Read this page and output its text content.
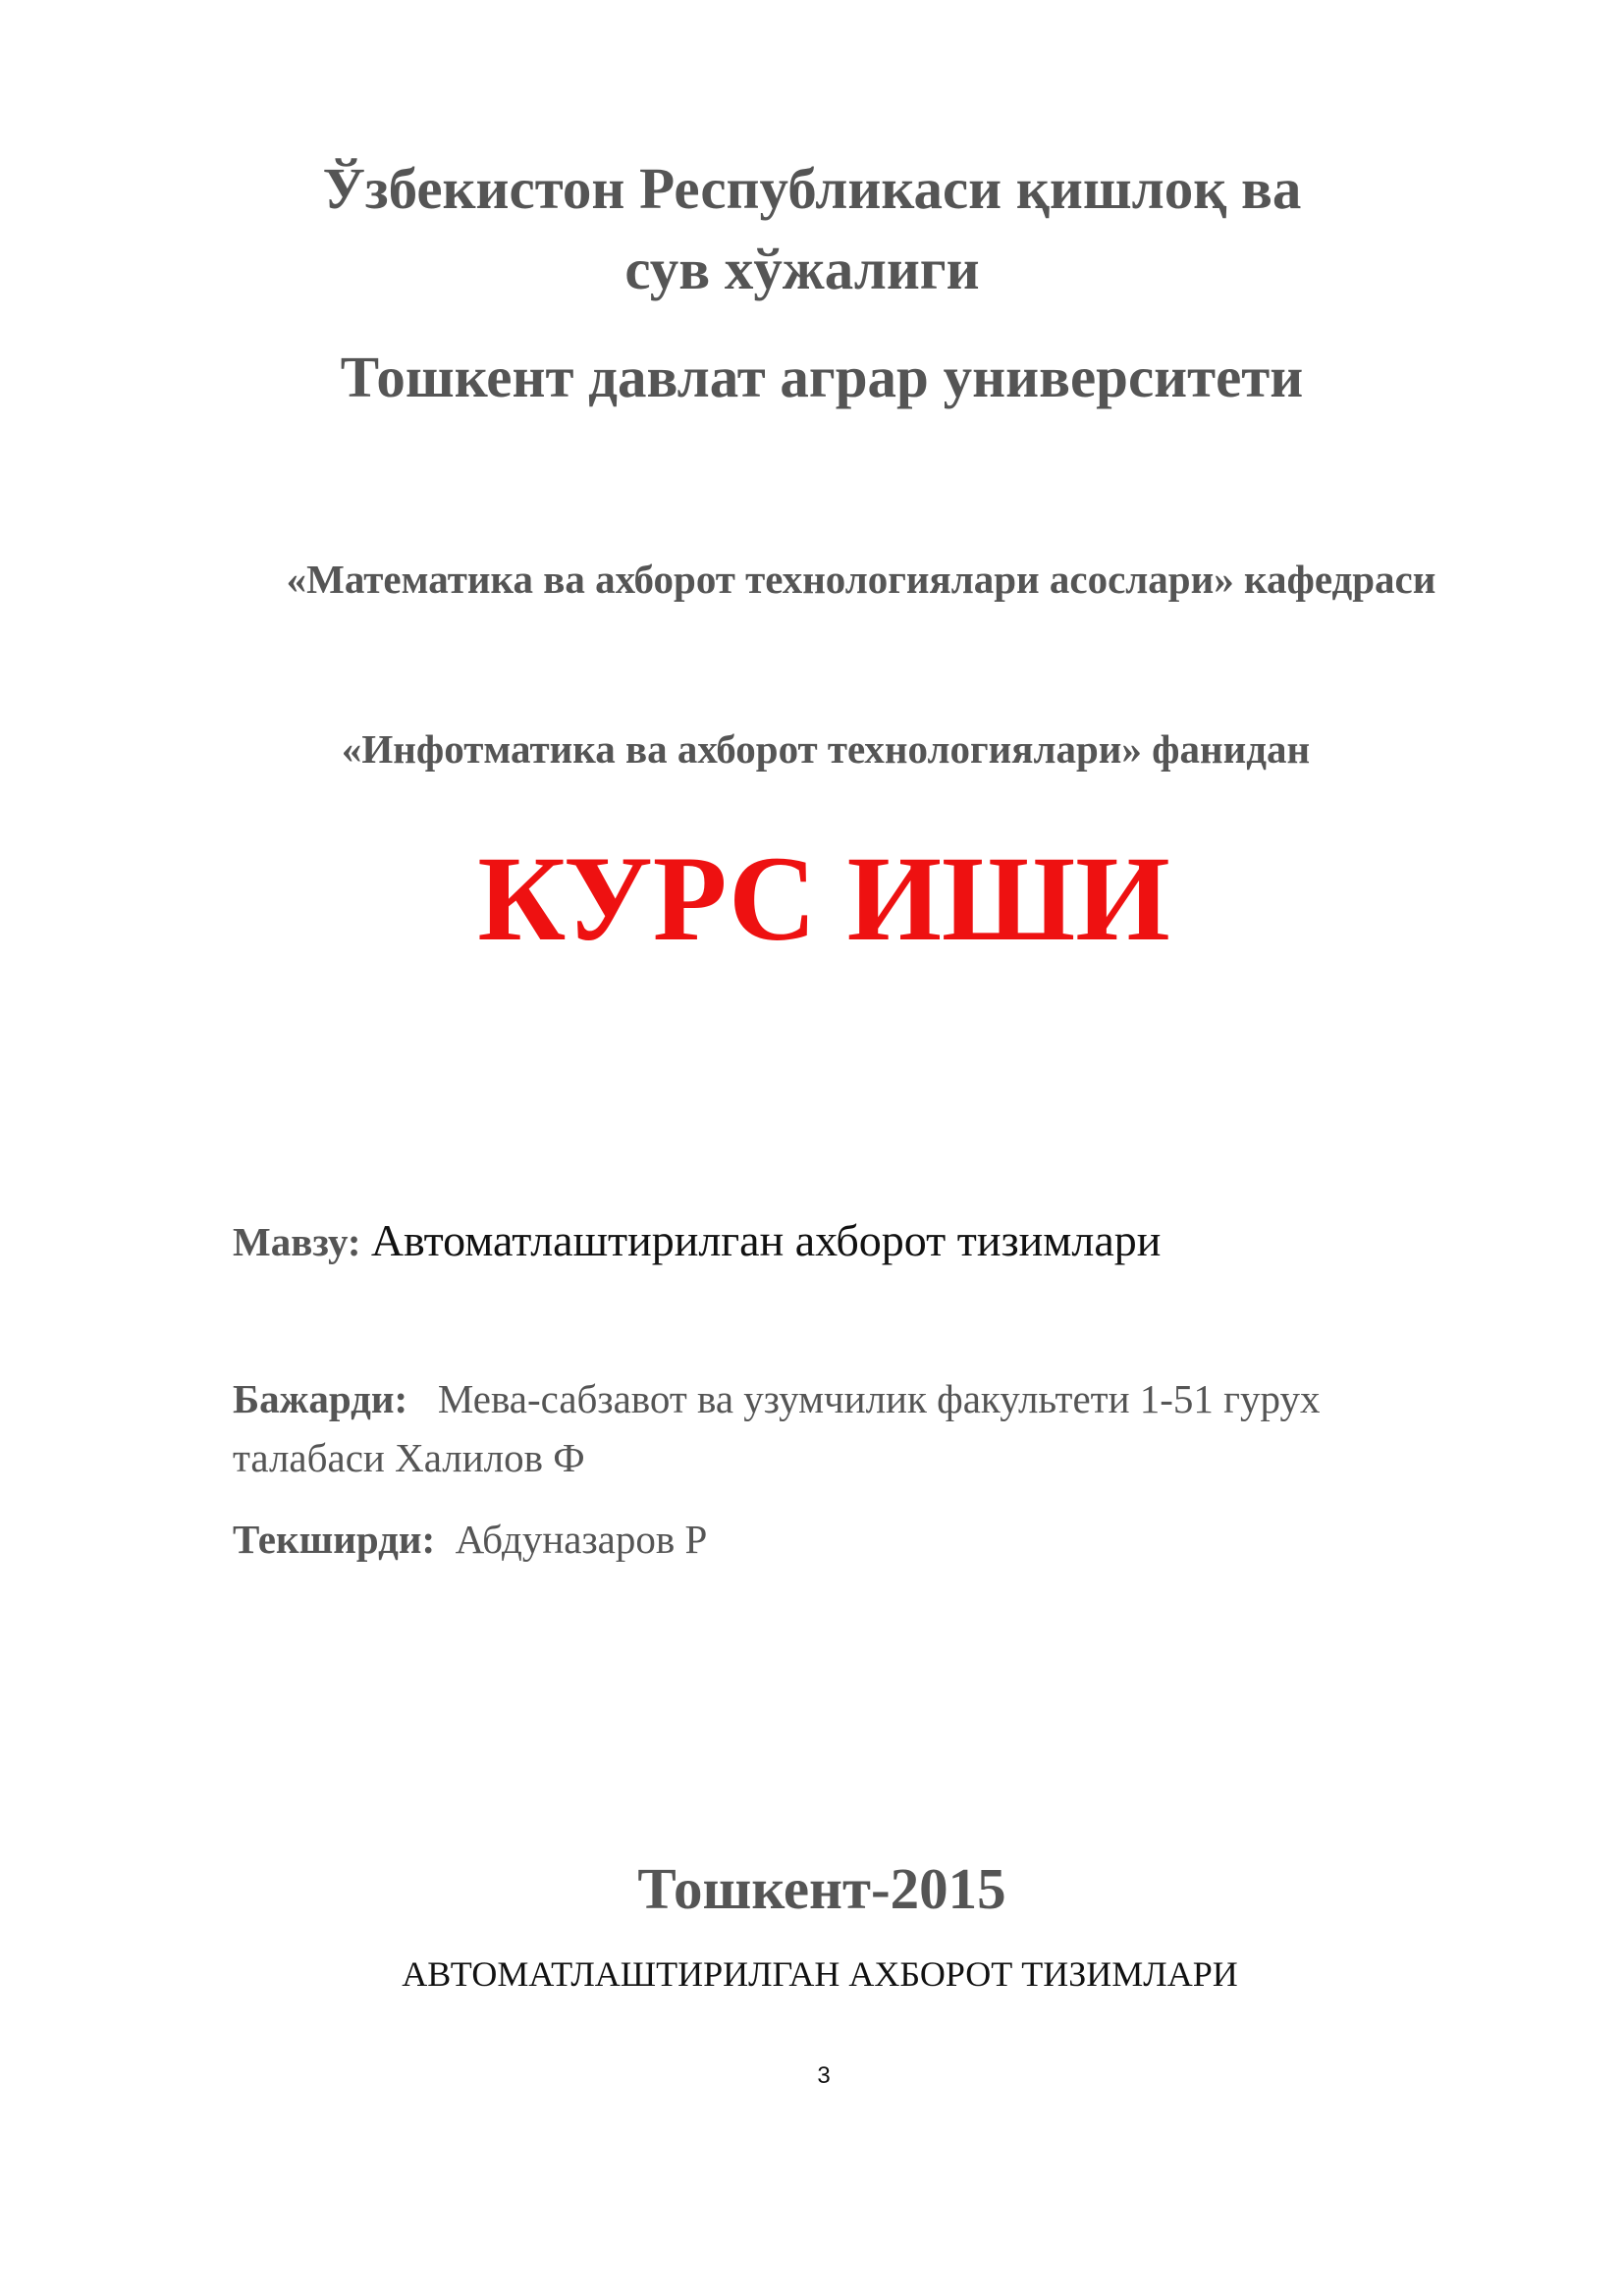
Ўзбекистон Республикаси қишлоқ ва
сув хўжалиги
Тошкент давлат аграр университети
«Математика ва ахборот технологиялари асослари» кафедраси
«Инфотматика ва ахборот технологиялари» фанидан
КУРС ИШИ
Мавзу: Автоматлаштирилган ахборот тизимлари
Бажарди: Мева-сабзавот ва узумчилик факультети 1-51 гурух
талабаси Халилов Ф
Текширди: Абдуназаров Р
Тошкент-2015
АВТОМАТЛАШТИРИЛГАН АХБОРОТ ТИЗИМЛАРИ
3
